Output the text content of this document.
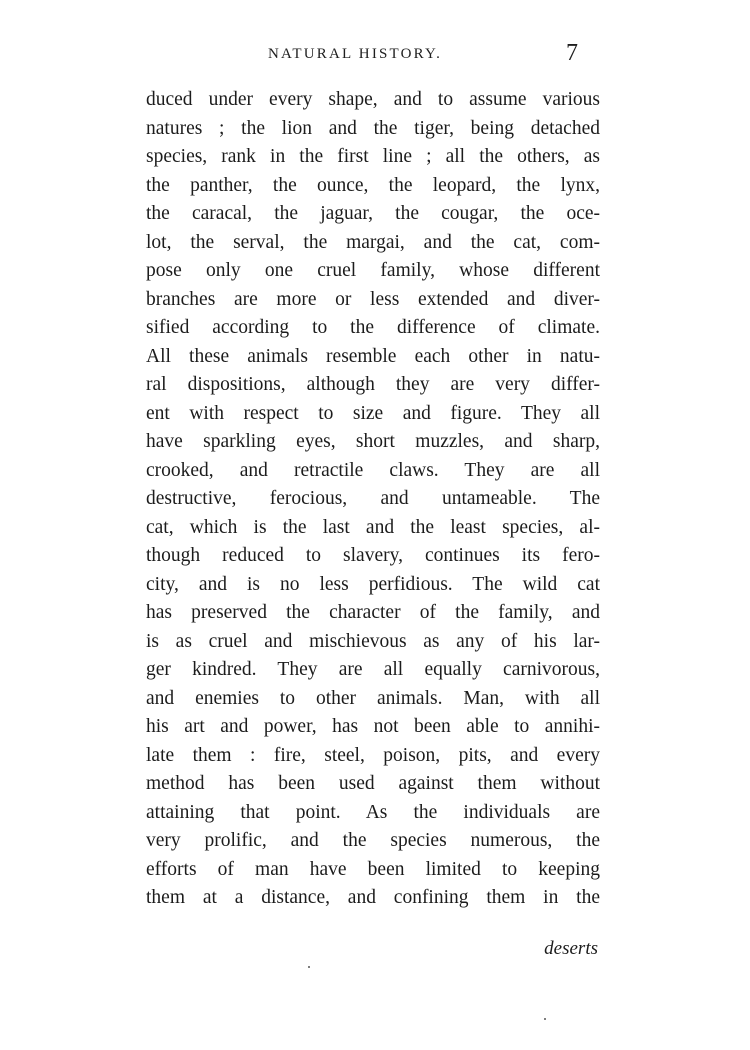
NATURAL HISTORY.	7
duced under every shape, and to assume various
natures ; the lion and the tiger, being detached
species, rank in the first line ; all the others, as
the panther, the ounce, the leopard, the lynx,
the caracal, the jaguar, the cougar, the oce-
lot, the serval, the margai, and the cat, com-
pose only one cruel family, whose different
branches are more or less extended and diver-
sified according to the difference of climate.
All these animals resemble each other in natu-
ral dispositions, although they are very differ-
ent with respect to size and figure. They all
have sparkling eyes, short muzzles, and sharp,
crooked, and retractile claws. They are all
destructive, ferocious, and untameable. The
cat, which is the last and the least species, al-
though reduced to slavery, continues its fero-
city, and is no less perfidious. The wild cat
has preserved the character of the family, and
is as cruel and mischievous as any of his lar-
ger kindred. They are all equally carnivorous,
and enemies to other animals. Man, with all
his art and power, has not been able to annihi-
late them : fire, steel, poison, pits, and every
method has been used against them without
attaining that point. As the individuals are
very prolific, and the species numerous, the
efforts of man have been limited to keeping
them at a distance, and confining them in the
deserts
